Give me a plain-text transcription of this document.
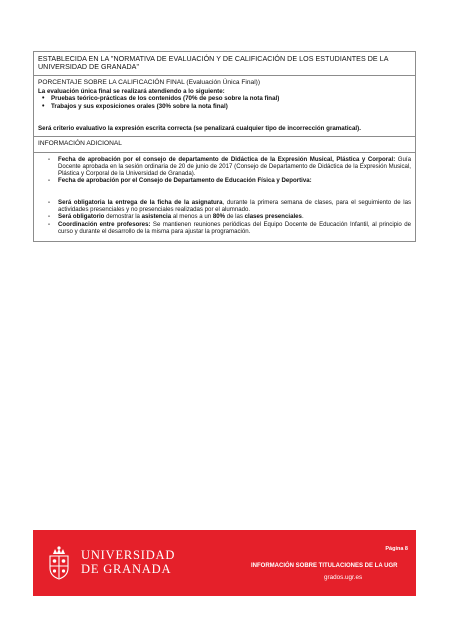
ESTABLECIDA EN LA "NORMATIVA DE EVALUACIÓN Y DE CALIFICACIÓN DE LOS ESTUDIANTES DE LA UNIVERSIDAD DE GRANADA"
PORCENTAJE SOBRE LA CALIFICACIÓN FINAL (Evaluación Única Final))
La evaluación única final se realizará atendiendo a lo siguiente:
• Pruebas teórico-prácticas de los contenidos (70% de peso sobre la nota final)
• Trabajos y sus exposiciones orales (30% sobre la nota final)
Será criterio evaluativo la expresión escrita correcta (se penalizará cualquier tipo de incorrección gramatical).
INFORMACIÓN ADICIONAL
- Fecha de aprobación por el consejo de departamento de Didáctica de la Expresión Musical, Plástica y Corporal: Guía Docente aprobada en la sesión ordinaria de 20 de junio de 2017 (Consejo de Departamento de Didáctica de la Expresión Musical, Plástica y Corporal de la Universidad de Granada).
- Fecha de aprobación por el Consejo de Departamento de Educación Física y Deportiva:
- Será obligatoria la entrega de la ficha de la asignatura, durante la primera semana de clases, para el seguimiento de las actividades presenciales y no presenciales realizadas por el alumnado.
- Será obligatorio demostrar la asistencia al menos a un 80% de las clases presenciales.
- Coordinación entre profesores: Se mantienen reuniones periódicas del Equipo Docente de Educación Infantil, al principio de curso y durante el desarrollo de la misma para ajustar la programación.
UNIVERSIDAD
DE GRANADA
Página 8
INFORMACIÓN SOBRE TITULACIONES DE LA UGR
grados.ugr.es
